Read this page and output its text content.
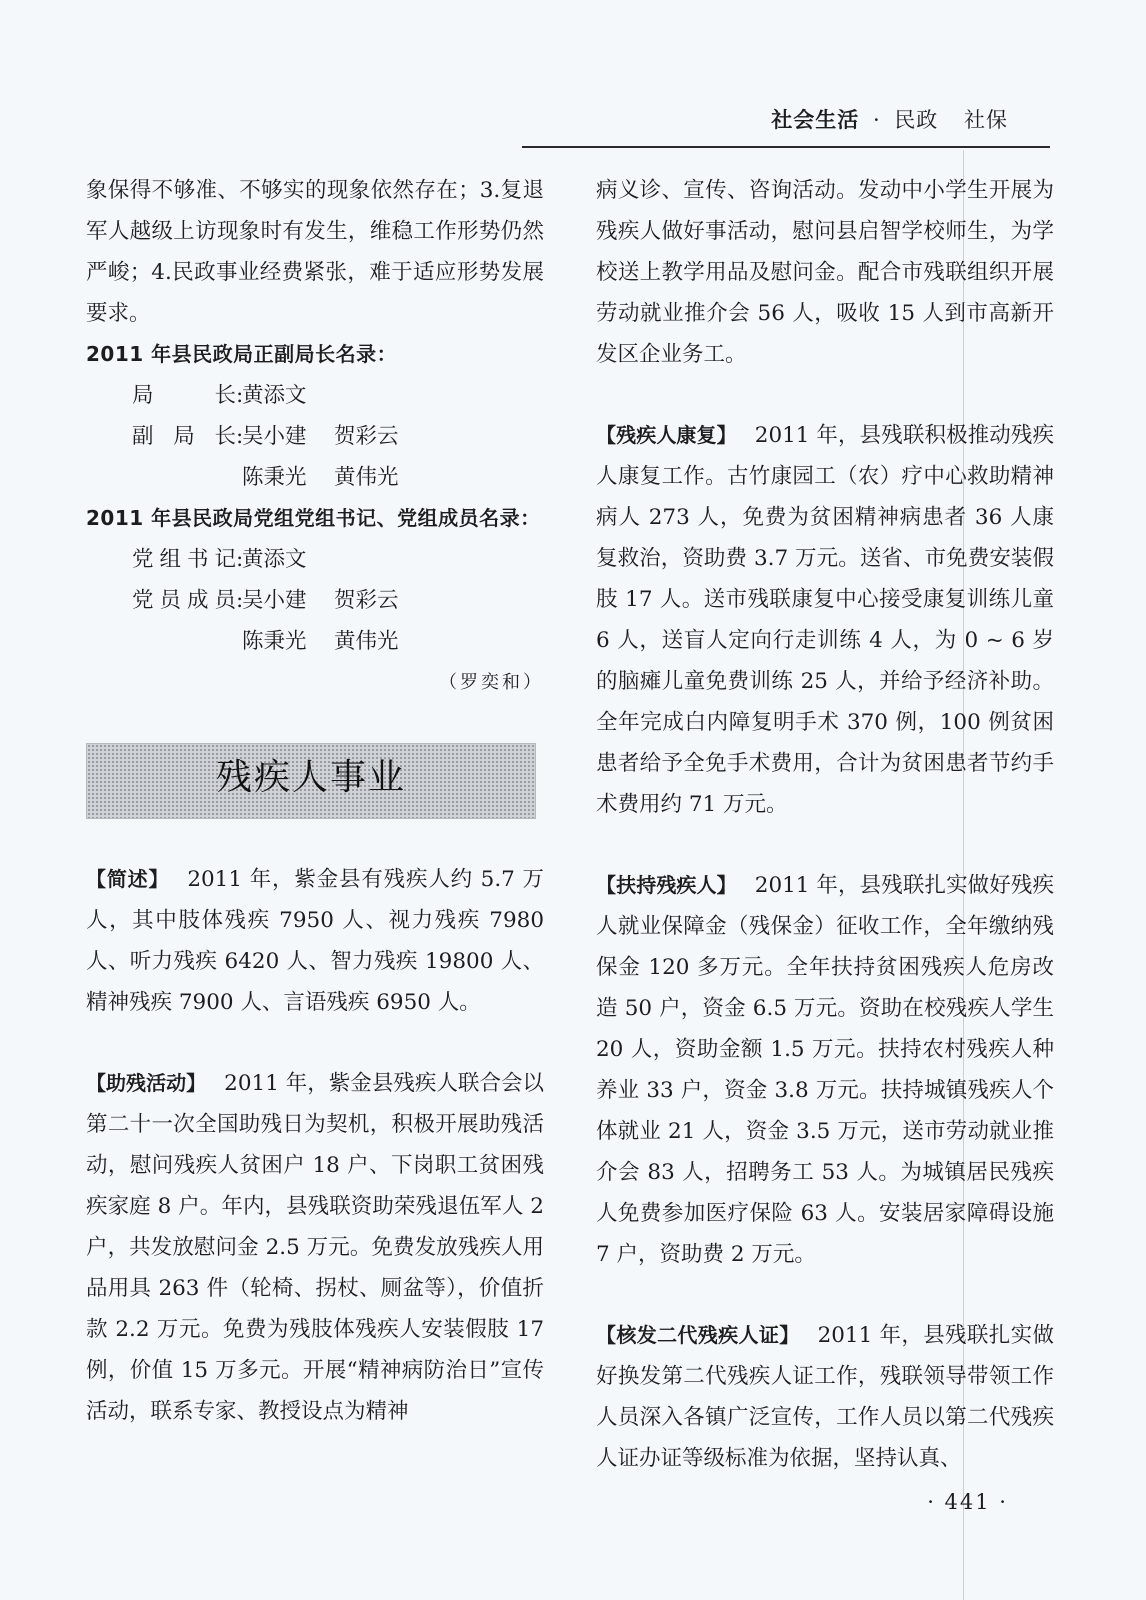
社会生活 · 民政 社保

象保得不够准、不够实的现象依然存在；3.复退军人越级上访现象时有发生，维稳工作形势仍然严峻；4.民政事业经费紧张，难于适应形势发展要求。

2011 年县民政局正副局长名录：

局长:黄添文

副局长:吴小建 贺彩云

陈秉光 黄伟光

2011 年县民政局党组党组书记、党组成员名录：

党组书记:黄添文

党员成员:吴小建 贺彩云

陈秉光 黄伟光

（罗奕和）

残疾人事业

【简述】 2011 年，紫金县有残疾人约 5.7 万人，其中肢体残疾 7950 人、视力残疾 7980 人、听力残疾 6420 人、智力残疾 19800 人、精神残疾 7900 人、言语残疾 6950 人。

【助残活动】 2011 年，紫金县残疾人联合会以第二十一次全国助残日为契机，积极开展助残活动，慰问残疾人贫困户 18 户、下岗职工贫困残疾家庭 8 户。年内，县残联资助荣残退伍军人 2 户，共发放慰问金 2.5 万元。免费发放残疾人用品用具 263 件（轮椅、拐杖、厕盆等），价值折款 2.2 万元。免费为残肢体残疾人安装假肢 17 例，价值 15 万多元。开展“精神病防治日”宣传活动，联系专家、教授设点为精神

病义诊、宣传、咨询活动。发动中小学生开展为残疾人做好事活动，慰问县启智学校师生，为学校送上教学用品及慰问金。配合市残联组织开展劳动就业推介会 56 人，吸收 15 人到市高新开发区企业务工。

【残疾人康复】 2011 年，县残联积极推动残疾人康复工作。古竹康园工（农）疗中心救助精神病人 273 人，免费为贫困精神病患者 36 人康复救治，资助费 3.7 万元。送省、市免费安装假肢 17 人。送市残联康复中心接受康复训练儿童 6 人，送盲人定向行走训练 4 人，为 0 ~ 6 岁的脑瘫儿童免费训练 25 人，并给予经济补助。全年完成白内障复明手术 370 例，100 例贫困患者给予全免手术费用，合计为贫困患者节约手术费用约 71 万元。

【扶持残疾人】 2011 年，县残联扎实做好残疾人就业保障金（残保金）征收工作，全年缴纳残保金 120 多万元。全年扶持贫困残疾人危房改造 50 户，资金 6.5 万元。资助在校残疾人学生 20 人，资助金额 1.5 万元。扶持农村残疾人种养业 33 户，资金 3.8 万元。扶持城镇残疾人个体就业 21 人，资金 3.5 万元，送市劳动就业推介会 83 人，招聘务工 53 人。为城镇居民残疾人免费参加医疗保险 63 人。安装居家障碍设施 7 户，资助费 2 万元。

【核发二代残疾人证】 2011 年，县残联扎实做好换发第二代残疾人证工作，残联领导带领工作人员深入各镇广泛宣传，工作人员以第二代残疾人证办证等级标准为依据，坚持认真、

· 441 ·
